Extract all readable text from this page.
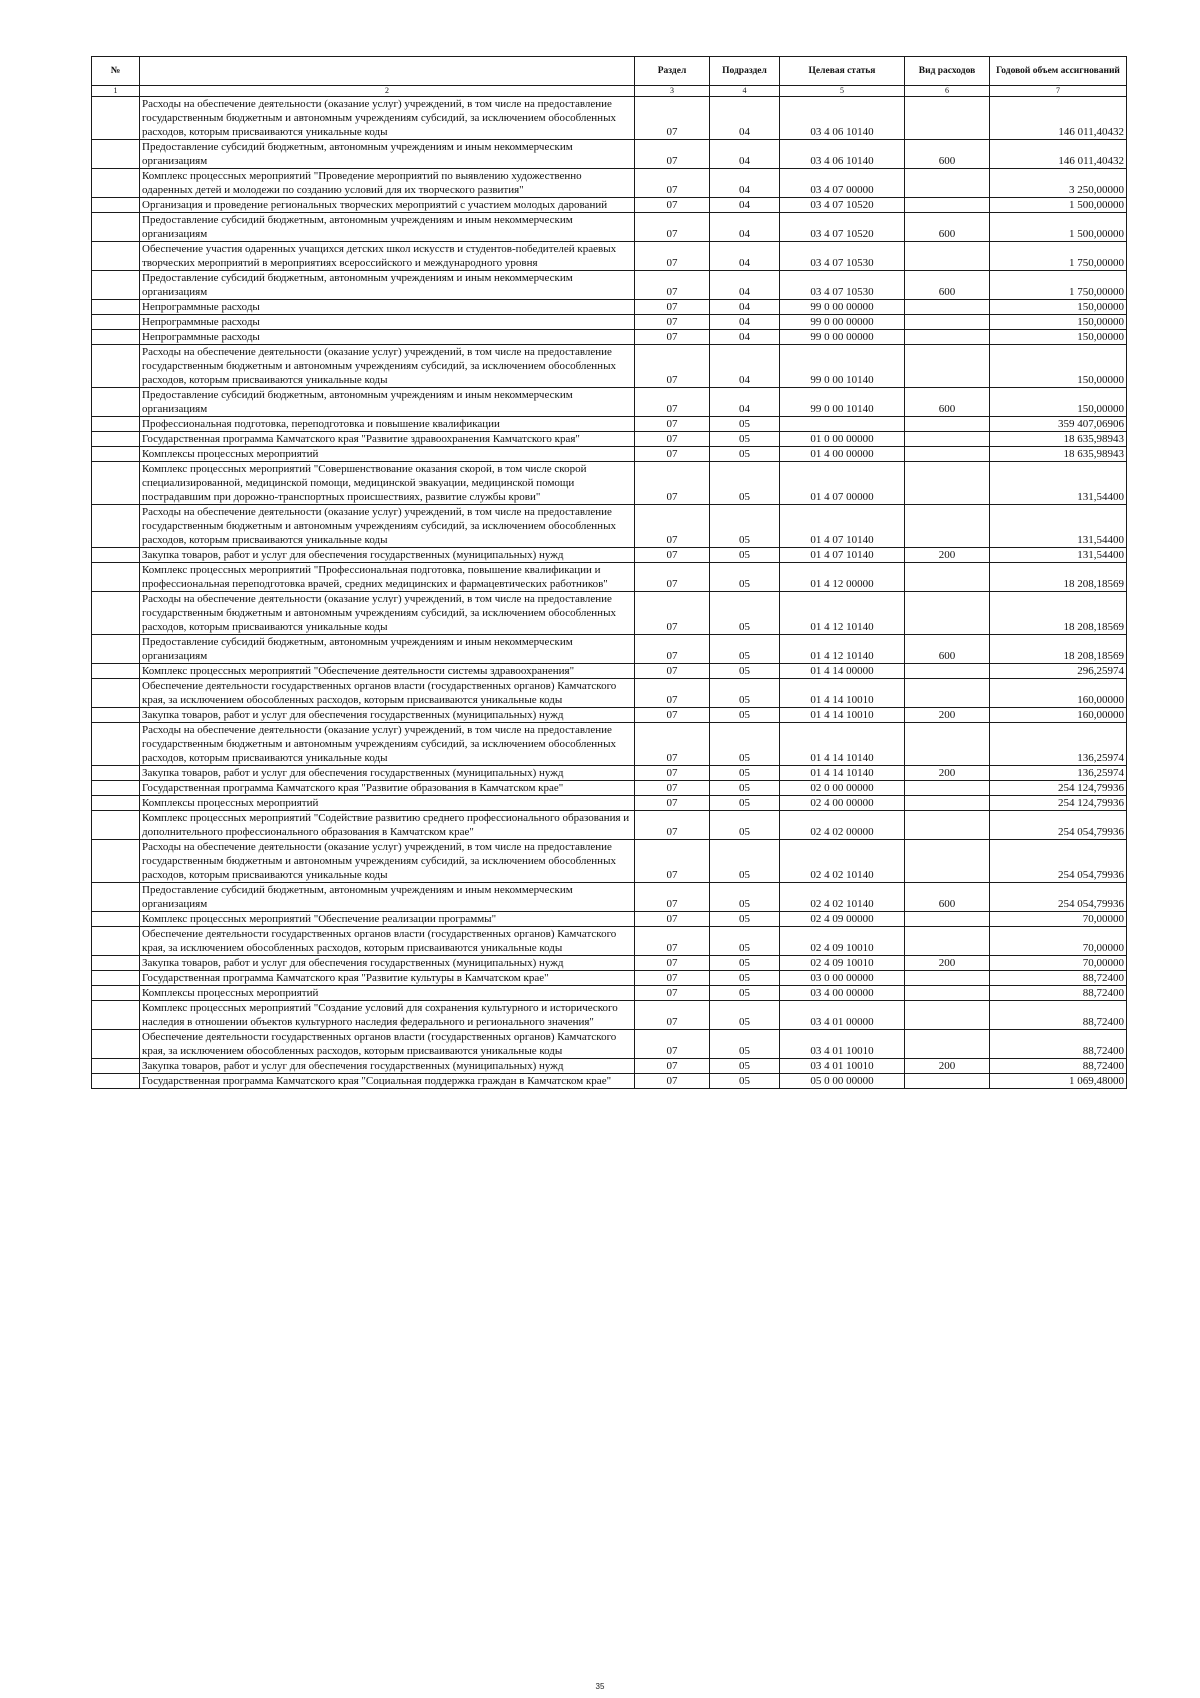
№		Раздел	Подраздел	Целевая статья	Вид расходов	Годовой объем ассигнований
1	2	3	4	5	6	7
	Расходы на обеспечение деятельности (оказание услуг) учреждений, в том числе на предоставление государственным бюджетным и автономным учреждениям субсидий, за исключением обособленных расходов, которым присваиваются уникальные коды	07	04	03 4 06 10140		146 011,40432
	Предоставление субсидий бюджетным, автономным учреждениям и иным некоммерческим организациям	07	04	03 4 06 10140	600	146 011,40432
	Комплекс процессных мероприятий "Проведение мероприятий по выявлению художественно одаренных детей и молодежи по созданию условий для их творческого развития"	07	04	03 4 07 00000		3 250,00000
	Организация и проведение региональных творческих мероприятий с участием молодых дарований	07	04	03 4 07 10520		1 500,00000
	Предоставление субсидий бюджетным, автономным учреждениям и иным некоммерческим организациям	07	04	03 4 07 10520	600	1 500,00000
	Обеспечение участия одаренных учащихся детских школ искусств и студентов-победителей краевых творческих мероприятий в мероприятиях всероссийского и международного уровня	07	04	03 4 07 10530		1 750,00000
	Предоставление субсидий бюджетным, автономным учреждениям и иным некоммерческим организациям	07	04	03 4 07 10530	600	1 750,00000
	Непрограммные расходы	07	04	99 0 00 00000		150,00000
	Непрограммные расходы	07	04	99 0 00 00000		150,00000
	Непрограммные расходы	07	04	99 0 00 00000		150,00000
	Расходы на обеспечение деятельности (оказание услуг) учреждений, в том числе на предоставление государственным бюджетным и автономным учреждениям субсидий, за исключением обособленных расходов, которым присваиваются уникальные коды	07	04	99 0 00 10140		150,00000
	Предоставление субсидий бюджетным, автономным учреждениям и иным некоммерческим организациям	07	04	99 0 00 10140	600	150,00000
	Профессиональная подготовка, переподготовка и повышение квалификации	07	05			359 407,06906
	Государственная программа Камчатского края "Развитие здравоохранения Камчатского края"	07	05	01 0 00 00000		18 635,98943
	Комплексы процессных мероприятий	07	05	01 4 00 00000		18 635,98943
	Комплекс процессных мероприятий "Совершенствование оказания скорой, в том числе скорой специализированной, медицинской помощи, медицинской эвакуации, медицинской помощи пострадавшим при дорожно-транспортных происшествиях, развитие службы крови"	07	05	01 4 07 00000		131,54400
	Расходы на обеспечение деятельности (оказание услуг) учреждений, в том числе на предоставление государственным бюджетным и автономным учреждениям субсидий, за исключением обособленных расходов, которым присваиваются уникальные коды	07	05	01 4 07 10140		131,54400
	Закупка товаров, работ и услуг для обеспечения государственных (муниципальных) нужд	07	05	01 4 07 10140	200	131,54400
	Комплекс процессных мероприятий "Профессиональная подготовка, повышение квалификации и профессиональная переподготовка врачей, средних медицинских и фармацевтических работников"	07	05	01 4 12 00000		18 208,18569
	Расходы на обеспечение деятельности (оказание услуг) учреждений, в том числе на предоставление государственным бюджетным и автономным учреждениям субсидий, за исключением обособленных расходов, которым присваиваются уникальные коды	07	05	01 4 12 10140		18 208,18569
	Предоставление субсидий бюджетным, автономным учреждениям и иным некоммерческим организациям	07	05	01 4 12 10140	600	18 208,18569
	Комплекс процессных мероприятий "Обеспечение деятельности системы здравоохранения"	07	05	01 4 14 00000		296,25974
	Обеспечение деятельности государственных органов власти (государственных органов) Камчатского края, за исключением обособленных расходов, которым присваиваются уникальные коды	07	05	01 4 14 10010		160,00000
	Закупка товаров, работ и услуг для обеспечения государственных (муниципальных) нужд	07	05	01 4 14 10010	200	160,00000
	Расходы на обеспечение деятельности (оказание услуг) учреждений, в том числе на предоставление государственным бюджетным и автономным учреждениям субсидий, за исключением обособленных расходов, которым присваиваются уникальные коды	07	05	01 4 14 10140		136,25974
	Закупка товаров, работ и услуг для обеспечения государственных (муниципальных) нужд	07	05	01 4 14 10140	200	136,25974
	Государственная программа Камчатского края "Развитие образования в Камчатском крае"	07	05	02 0 00 00000		254 124,79936
	Комплексы процессных мероприятий	07	05	02 4 00 00000		254 124,79936
	Комплекс процессных мероприятий "Содействие развитию среднего профессионального образования и дополнительного профессионального образования в Камчатском крае"	07	05	02 4 02 00000		254 054,79936
	Расходы на обеспечение деятельности (оказание услуг) учреждений, в том числе на предоставление государственным бюджетным и автономным учреждениям субсидий, за исключением обособленных расходов, которым присваиваются уникальные коды	07	05	02 4 02 10140		254 054,79936
	Предоставление субсидий бюджетным, автономным учреждениям и иным некоммерческим организациям	07	05	02 4 02 10140	600	254 054,79936
	Комплекс процессных мероприятий "Обеспечение реализации программы"	07	05	02 4 09 00000		70,00000
	Обеспечение деятельности государственных органов власти (государственных органов) Камчатского края, за исключением обособленных расходов, которым присваиваются уникальные коды	07	05	02 4 09 10010		70,00000
	Закупка товаров, работ и услуг для обеспечения государственных (муниципальных) нужд	07	05	02 4 09 10010	200	70,00000
	Государственная программа Камчатского края "Развитие культуры в Камчатском крае"	07	05	03 0 00 00000		88,72400
	Комплексы процессных мероприятий	07	05	03 4 00 00000		88,72400
	Комплекс процессных мероприятий "Создание условий для сохранения культурного и исторического наследия в отношении объектов культурного наследия федерального и регионального значения"	07	05	03 4 01 00000		88,72400
	Обеспечение деятельности государственных органов власти (государственных органов) Камчатского края, за исключением обособленных расходов, которым присваиваются уникальные коды	07	05	03 4 01 10010		88,72400
	Закупка товаров, работ и услуг для обеспечения государственных (муниципальных) нужд	07	05	03 4 01 10010	200	88,72400
	Государственная программа Камчатского края "Социальная поддержка граждан в Камчатском крае"	07	05	05 0 00 00000		1 069,48000
35
